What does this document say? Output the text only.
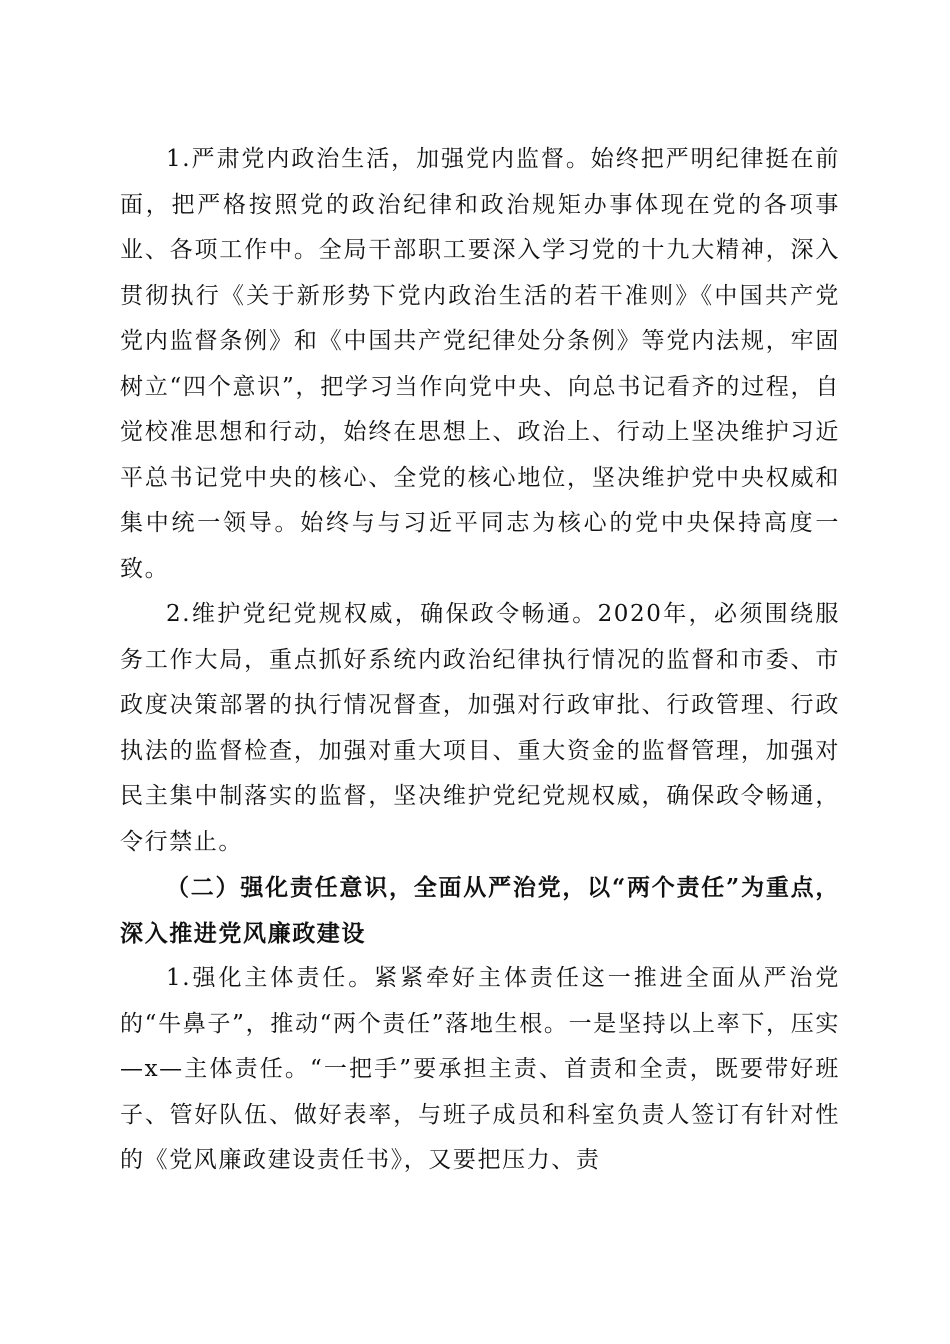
1.严肃党内政治生活，加强党内监督。始终把严明纪律挺在前面，把严格按照党的政治纪律和政治规矩办事体现在党的各项事业、各项工作中。全局干部职工要深入学习党的十九大精神，深入贯彻执行《关于新形势下党内政治生活的若干准则》《中国共产党党内监督条例》和《中国共产党纪律处分条例》等党内法规，牢固树立“四个意识”，把学习当作向党中央、向总书记看齐的过程，自觉校准思想和行动，始终在思想上、政治上、行动上坚决维护习近平总书记党中央的核心、全党的核心地位，坚决维护党中央权威和集中统一领导。始终与与习近平同志为核心的党中央保持高度一致。

2.维护党纪党规权威，确保政令畅通。2020年，必须围绕服务工作大局，重点抓好系统内政治纪律执行情况的监督和市委、市政度决策部署的执行情况督查，加强对行政审批、行政管理、行政执法的监督检查，加强对重大项目、重大资金的监督管理，加强对民主集中制落实的监督，坚决维护党纪党规权威，确保政令畅通，令行禁止。

（二）强化责任意识，全面从严治党，以“两个责任”为重点，深入推进党风廉政建设

1.强化主体责任。紧紧牵好主体责任这一推进全面从严治党的“牛鼻子”，推动“两个责任”落地生根。一是坚持以上率下，压实—x—主体责任。“一把手”要承担主责、首责和全责，既要带好班子、管好队伍、做好表率，与班子成员和科室负责人签订有针对性的《党风廉政建设责任书》，又要把压力、责
